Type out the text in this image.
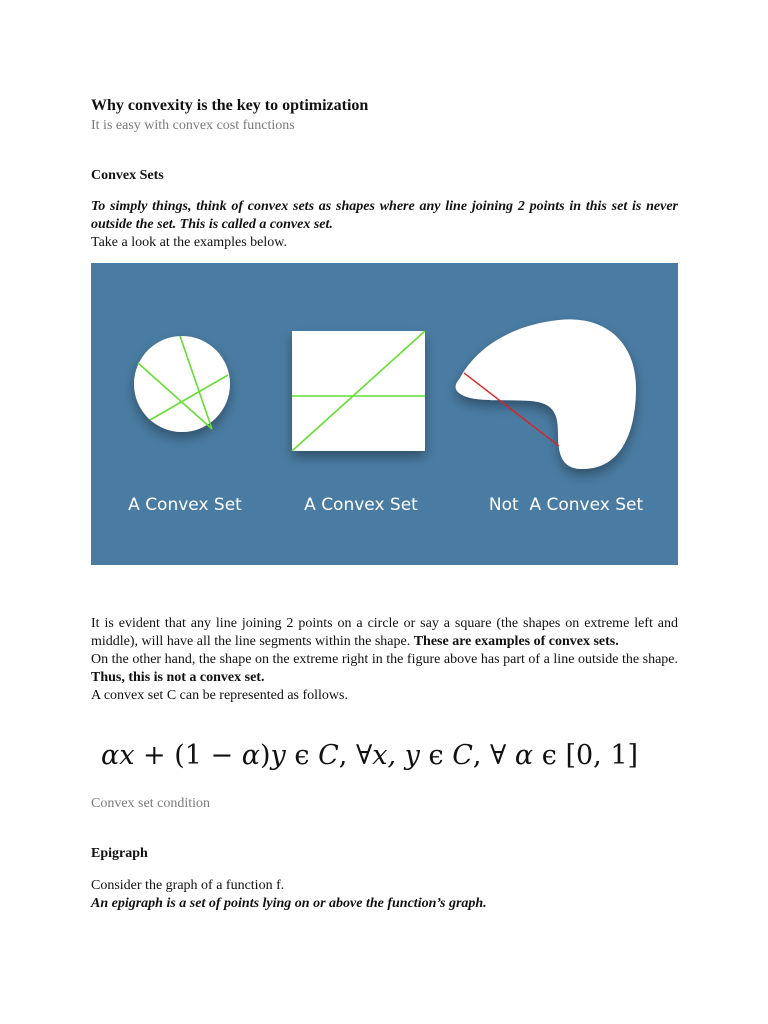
Why convexity is the key to optimization
It is easy with convex cost functions
Convex Sets

To simply things, think of convex sets as shapes where any line joining 2 points in this set is never outside the set. This is called a convex set.
Take a look at the examples below.

A Convex Set	A Convex Set	Not  A Convex Set

It is evident that any line joining 2 points on a circle or say a square (the shapes on extreme left and middle), will have all the line segments within the shape. These are examples of convex sets.
On the other hand, the shape on the extreme right in the figure above has part of a line outside the shape. Thus, this is not a convex set.
A convex set C can be represented as follows.

αx + (1 − α)y ϵ C, ∀x, y ϵ C, ∀ α ϵ [0, 1]
Convex set condition
Epigraph

Consider the graph of a function f.
An epigraph is a set of points lying on or above the function’s graph.
